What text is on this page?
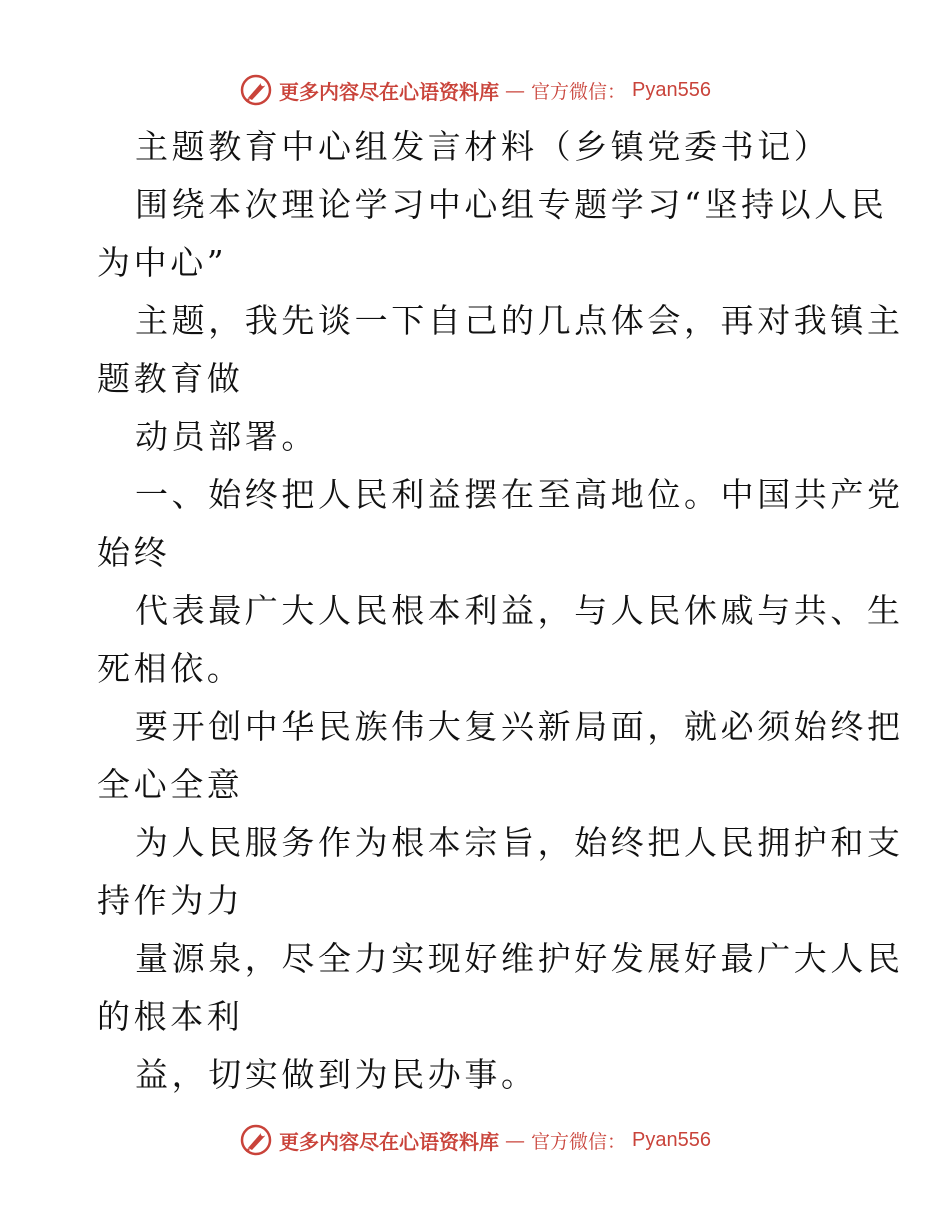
更多内容尽在心语资料库 — 官方微信： Pyan556
主题教育中心组发言材料（乡镇党委书记）
围绕本次理论学习中心组专题学习“坚持以人民
为中心”
主题，我先谈一下自己的几点体会，再对我镇主
题教育做
动员部署。
一、始终把人民利益摆在至高地位。中国共产党
始终
代表最广大人民根本利益，与人民休戚与共、生
死相依。
要开创中华民族伟大复兴新局面，就必须始终把
全心全意
为人民服务作为根本宗旨，始终把人民拥护和支
持作为力
量源泉，尽全力实现好维护好发展好最广大人民
的根本利
益，切实做到为民办事。
更多内容尽在心语资料库 — 官方微信： Pyan556
